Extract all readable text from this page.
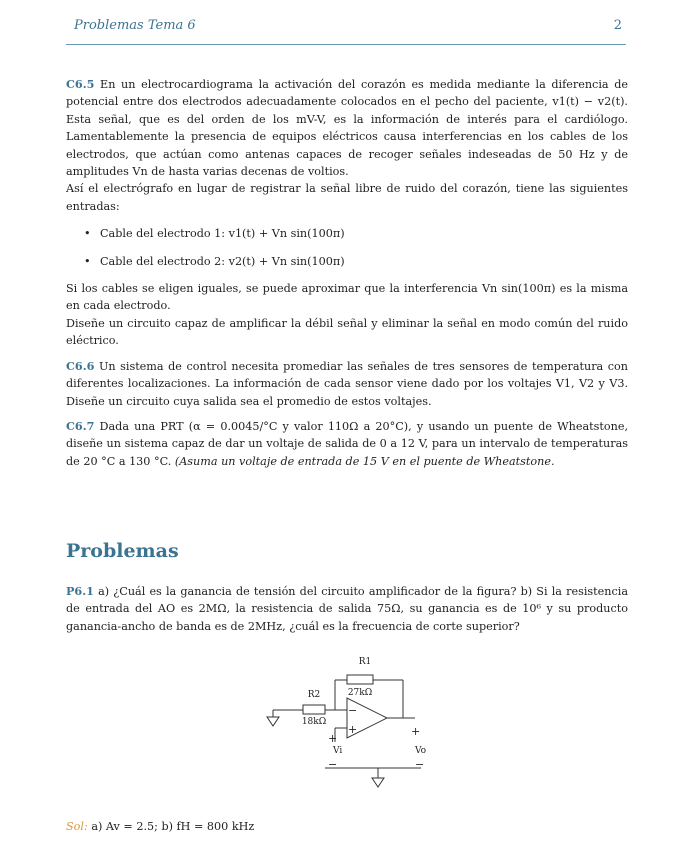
Problemas Tema 6	2

C6.5 En un electrocardiograma la activación del corazón es medida mediante la diferencia de potencial entre dos electrodos adecuadamente colocados en el pecho del paciente, v1(t) − v2(t). Esta señal, que es del orden de los mV-V, es la información de interés para el cardiólogo. Lamentablemente la presencia de equipos eléctricos causa interferencias en los cables de los electrodos, que actúan como antenas capaces de recoger señales indeseadas de 50 Hz y de amplitudes Vn de hasta varias decenas de voltios.

Así el electrógrafo en lugar de registrar la señal libre de ruido del corazón, tiene las siguientes entradas:

• Cable del electrodo 1: v1(t) + Vn sin(100π)
• Cable del electrodo 2: v2(t) + Vn sin(100π)

Si los cables se eligen iguales, se puede aproximar que la interferencia Vn sin(100π) es la misma en cada electrodo.

Diseñe un circuito capaz de amplificar la débil señal y eliminar la señal en modo común del ruido eléctrico.

C6.6 Un sistema de control necesita promediar las señales de tres sensores de temperatura con diferentes localizaciones. La información de cada sensor viene dado por los voltajes V1, V2 y V3. Diseñe un circuito cuya salida sea el promedio de estos voltajes.

C6.7 Dada una PRT (α = 0.0045/°C y valor 110Ω a 20°C), y usando un puente de Wheatstone, diseñe un sistema capaz de dar un voltaje de salida de 0 a 12 V, para un intervalo de temperaturas de 20 °C a 130 °C. (Asuma un voltaje de entrada de 15 V en el puente de Wheatstone.

Problemas

P6.1 a) ¿Cuál es la ganancia de tensión del circuito amplificador de la figura? b) Si la resistencia de entrada del AO es 2MΩ, la resistencia de salida 75Ω, su ganancia es de 10⁶ y su producto ganancia-ancho de banda es de 2MHz, ¿cuál es la frecuencia de corte superior?

R1
27kΩ
R2
18kΩ
−
+
+
Vi
−
+
Vo
−
Sol: a) Av = 2.5; b) fH = 800 kHz
